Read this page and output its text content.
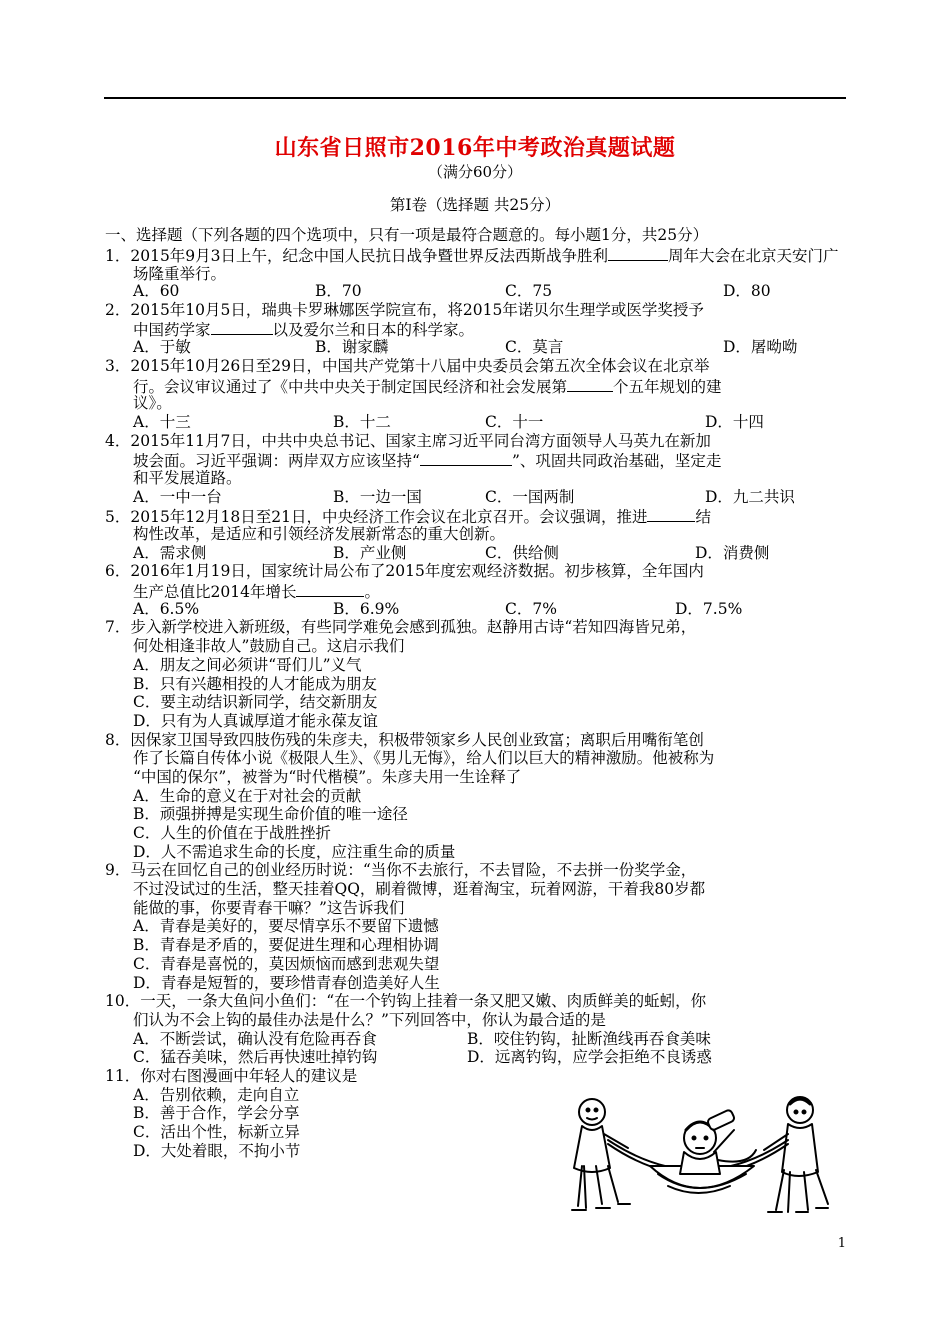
山东省日照市2016年中考政治真题试题
（满分60分）
第Ⅰ卷（选择题 共25分）
一、选择题（下列各题的四个选项中，只有一项是最符合题意的。每小题1分，共25分）
1．2015年9月3日上午，纪念中国人民抗日战争暨世界反法西斯战争胜利	周年大会在北京天安门广场隆重举行。
A．60	B．70	C．75	D．80
2．2015年10月5日，瑞典卡罗琳娜医学院宣布，将2015年诺贝尔生理学或医学奖授予
中国药学家	以及爱尔兰和日本的科学家。
A．于敏	B．谢家麟	C．莫言	D．屠呦呦
3．2015年10月26日至29日，中国共产党第十八届中央委员会第五次全体会议在北京举
行。会议审议通过了《中共中央关于制定国民经济和社会发展第	个五年规划的建
议》。
A．十三	B．十二	C．十一	D．十四
4．2015年11月7日，中共中央总书记、国家主席习近平同台湾方面领导人马英九在新加
坡会面。习近平强调：两岸双方应该坚持“	”、巩固共同政治基础，坚定走
和平发展道路。
A．一中一台	B．一边一国	C．一国两制	D．九二共识
5．2015年12月18日至21日，中央经济工作会议在北京召开。会议强调，推进	结
构性改革，是适应和引领经济发展新常态的重大创新。
A．需求侧	B．产业侧	C．供给侧	D．消费侧
6．2016年1月19日，国家统计局公布了2015年度宏观经济数据。初步核算，全年国内
生产总值比2014年增长	。
A．6.5%	B．6.9%	C．7%	D．7.5%
7．步入新学校进入新班级，有些同学难免会感到孤独。赵静用古诗“若知四海皆兄弟，
何处相逢非故人”鼓励自己。这启示我们
A．朋友之间必须讲“哥们儿”义气
B．只有兴趣相投的人才能成为朋友
C．要主动结识新同学，结交新朋友
D．只有为人真诚厚道才能永葆友谊
8．因保家卫国导致四肢伤残的朱彦夫，积极带领家乡人民创业致富；离职后用嘴衔笔创
作了长篇自传体小说《极限人生》、《男儿无悔》，给人们以巨大的精神激励。他被称为
“中国的保尔”，被誉为“时代楷模”。朱彦夫用一生诠释了
A．生命的意义在于对社会的贡献
B．顽强拼搏是实现生命价值的唯一途径
C．人生的价值在于战胜挫折
D．人不需追求生命的长度，应注重生命的质量
9．马云在回忆自己的创业经历时说：“当你不去旅行，不去冒险，不去拼一份奖学金，
不过没试过的生活，整天挂着QQ，刷着微博，逛着淘宝，玩着网游，干着我80岁都
能做的事，你要青春干嘛？”这告诉我们
A．青春是美好的，要尽情享乐不要留下遗憾
B．青春是矛盾的，要促进生理和心理相协调
C．青春是喜悦的，莫因烦恼而感到悲观失望
D．青春是短暂的，要珍惜青春创造美好人生
10．一天，一条大鱼问小鱼们：“在一个钓钩上挂着一条又肥又嫩、肉质鲜美的蚯蚓，你
们认为不会上钩的最佳办法是什么？”下列回答中，你认为最合适的是
A．不断尝试，确认没有危险再吞食	B．咬住钓钩，扯断渔线再吞食美味
C．猛吞美味，然后再快速吐掉钓钩	D．远离钓钩，应学会拒绝不良诱惑
11．你对右图漫画中年轻人的建议是
A．告别依赖，走向自立
B．善于合作，学会分享
C．活出个性，标新立异
D．大处着眼，不拘小节
1
